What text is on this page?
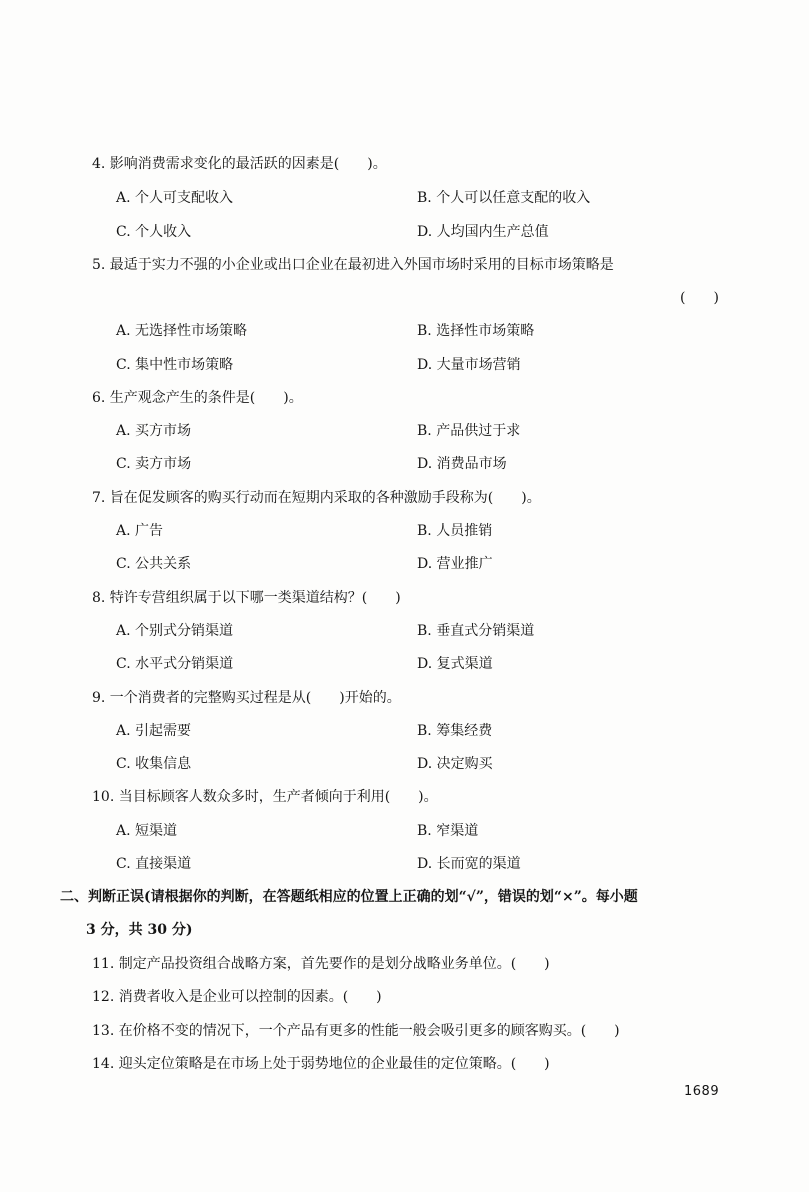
4. 影响消费需求变化的最活跃的因素是(　　)。
A. 个人可支配收入	B. 个人可以任意支配的收入
C. 个人收入	D. 人均国内生产总值
5. 最适于实力不强的小企业或出口企业在最初进入外国市场时采用的目标市场策略是
(　　)
A. 无选择性市场策略	B. 选择性市场策略
C. 集中性市场策略	D. 大量市场营销
6. 生产观念产生的条件是(　　)。
A. 买方市场	B. 产品供过于求
C. 卖方市场	D. 消费品市场
7. 旨在促发顾客的购买行动而在短期内采取的各种激励手段称为(　　)。
A. 广告	B. 人员推销
C. 公共关系	D. 营业推广
8. 特许专营组织属于以下哪一类渠道结构？(　　)
A. 个别式分销渠道	B. 垂直式分销渠道
C. 水平式分销渠道	D. 复式渠道
9. 一个消费者的完整购买过程是从(　　)开始的。
A. 引起需要	B. 筹集经费
C. 收集信息	D. 决定购买
10. 当目标顾客人数众多时，生产者倾向于利用(　　)。
A. 短渠道	B. 窄渠道
C. 直接渠道	D. 长而宽的渠道
二、判断正误(请根据你的判断，在答题纸相应的位置上正确的划“√”，错误的划“×”。每小题
3 分，共 30 分)
11. 制定产品投资组合战略方案，首先要作的是划分战略业务单位。(　　)
12. 消费者收入是企业可以控制的因素。(　　)
13. 在价格不变的情况下，一个产品有更多的性能一般会吸引更多的顾客购买。(　　)
14. 迎头定位策略是在市场上处于弱势地位的企业最佳的定位策略。(　　)
1689
